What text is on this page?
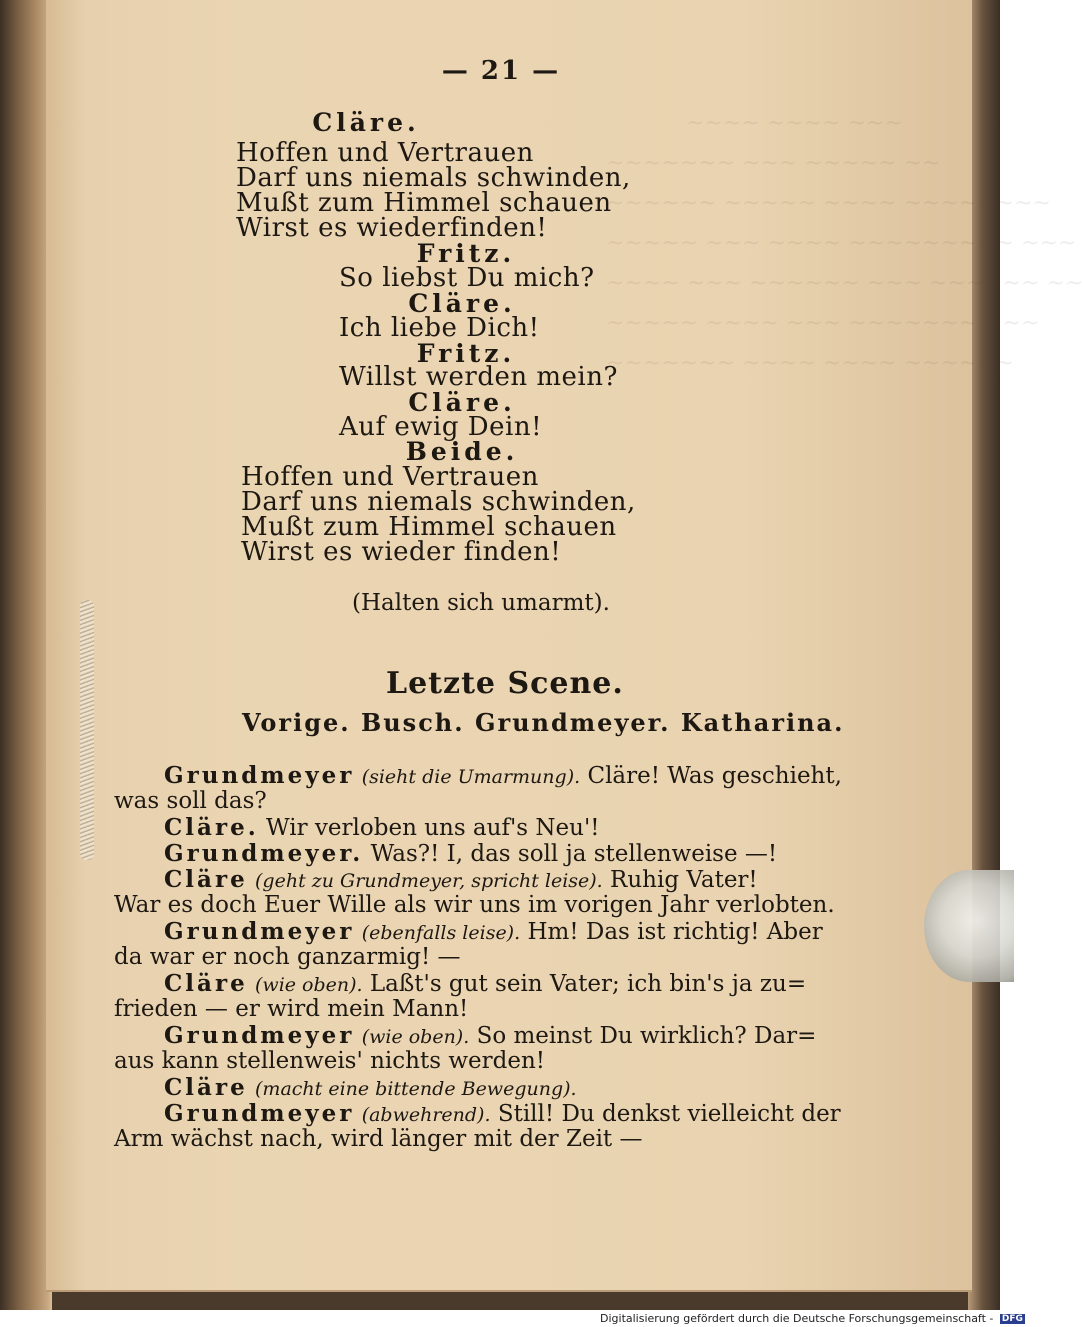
~~~~ ~~~~ ~~~
~~~~~~~ ~~~ ~~~~~ ~~
~~~~~~ ~~~~~ ~~~~ ~~~~~~~~
~~~~~ ~~~ ~~~~ ~~~~~~~~~ ~~~
~~~~ ~~~ ~~~~~~ ~~~ ~~~~~~ ~~
~~~~~ ~~~~ ~~~ ~~~~~~~ ~~~
~~~~~~~ ~~~~ ~~~~ ~~~~~~
— 21 —
Cläre.
Hoffen und Vertrauen
Darf uns niemals schwinden,
Mußt zum Himmel schauen
Wirst es wiederfinden!
Fritz.
So liebst Du mich?
Cläre.
Ich liebe Dich!
Fritz.
Willst werden mein?
Cläre.
Auf ewig Dein!
Beide.
Hoffen und Vertrauen
Darf uns niemals schwinden,
Mußt zum Himmel schauen
Wirst es wieder finden!
(Halten sich umarmt).
Letzte Scene.
Vorige. Busch. Grundmeyer. Katharina.
Grundmeyer (sieht die Umarmung). Cläre! Was geschieht,
was soll das?
Cläre. Wir verloben uns auf's Neu'!
Grundmeyer. Was?! I, das soll ja stellenweise —!
Cläre (geht zu Grundmeyer, spricht leise). Ruhig Vater!
War es doch Euer Wille als wir uns im vorigen Jahr verlobten.
Grundmeyer (ebenfalls leise). Hm! Das ist richtig! Aber
da war er noch ganzarmig! —
Cläre (wie oben). Laßt's gut sein Vater; ich bin's ja zu=
frieden — er wird mein Mann!
Grundmeyer (wie oben). So meinst Du wirklich? Dar=
aus kann stellenweis' nichts werden!
Cläre (macht eine bittende Bewegung).
Grundmeyer (abwehrend). Still! Du denkst vielleicht der
Arm wächst nach, wird länger mit der Zeit —
Digitalisierung gefördert durch die Deutsche Forschungsgemeinschaft - DFG
